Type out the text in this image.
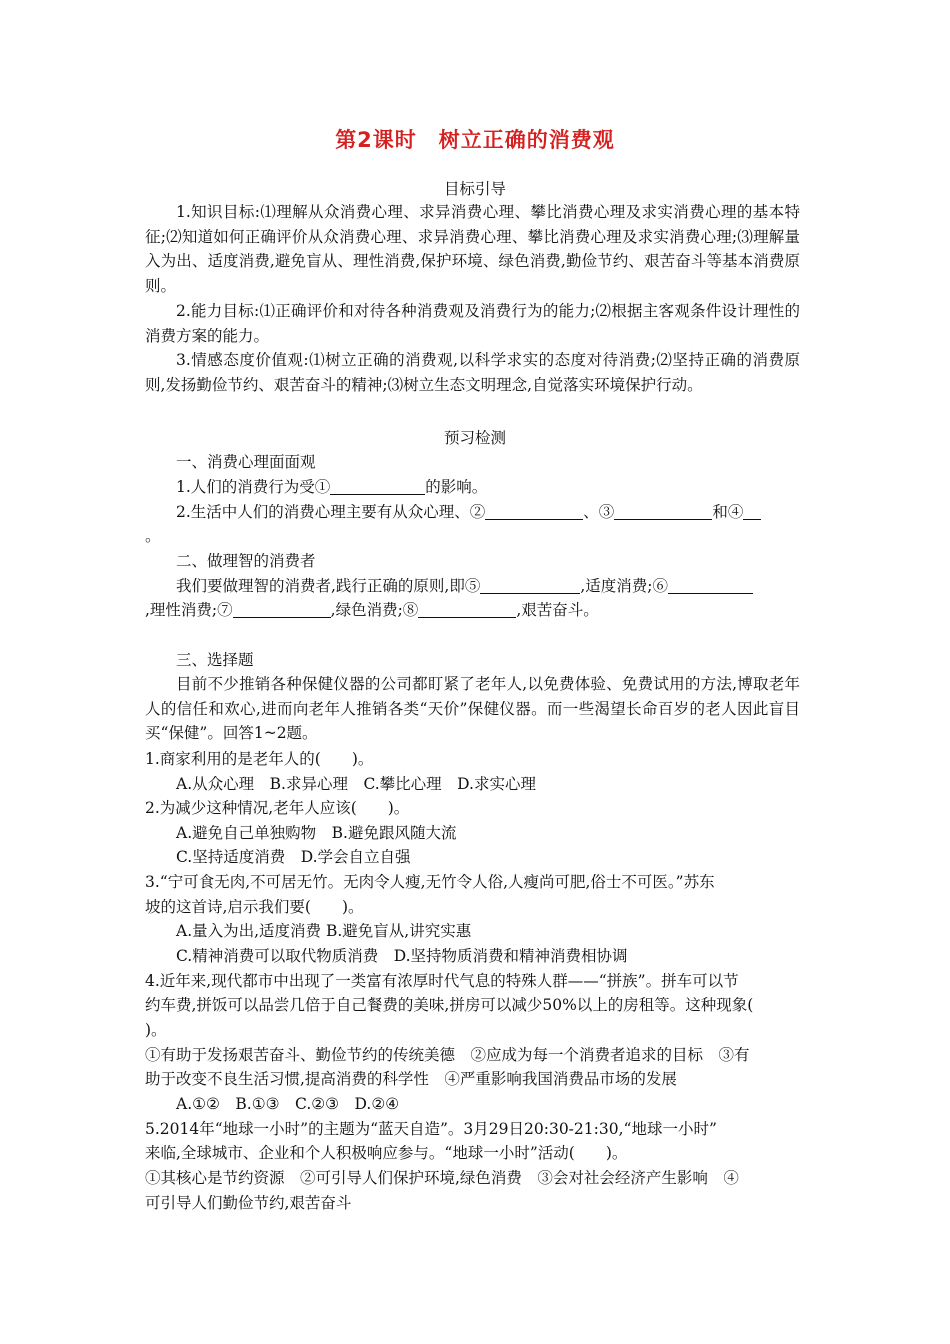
第2课时　树立正确的消费观
目标引导
1.知识目标:⑴理解从众消费心理、求异消费心理、攀比消费心理及求实消费心理的基本特征;⑵知道如何正确评价从众消费心理、求异消费心理、攀比消费心理及求实消费心理;⑶理解量入为出、适度消费,避免盲从、理性消费,保护环境、绿色消费,勤俭节约、艰苦奋斗等基本消费原则。
2.能力目标:⑴正确评价和对待各种消费观及消费行为的能力;⑵根据主客观条件设计理性的消费方案的能力。
3.情感态度价值观:⑴树立正确的消费观,以科学求实的态度对待消费;⑵坚持正确的消费原则,发扬勤俭节约、艰苦奋斗的精神;⑶树立生态文明理念,自觉落实环境保护行动。
预习检测
一、消费心理面面观
1.人们的消费行为受①	的影响。
2.生活中人们的消费心理主要有从众心理、②	、③	和④
。
二、做理智的消费者
我们要做理智的消费者,践行正确的原则,即⑤	,适度消费;⑥
,理性消费;⑦	,绿色消费;⑧	,艰苦奋斗。
三、选择题
目前不少推销各种保健仪器的公司都盯紧了老年人,以免费体验、免费试用的方法,博取老年人的信任和欢心,进而向老年人推销各类“天价”保健仪器。而一些渴望长命百岁的老人因此盲目买“保健”。回答1~2题。
1.商家利用的是老年人的(　　)。
A.从众心理　B.求异心理　C.攀比心理　D.求实心理
2.为减少这种情况,老年人应该(　　)。
A.避免自己单独购物　B.避免跟风随大流
C.坚持适度消费　D.学会自立自强
3.“宁可食无肉,不可居无竹。无肉令人瘦,无竹令人俗,人瘦尚可肥,俗士不可医。”苏东
坡的这首诗,启示我们要(　　)。
A.量入为出,适度消费 B.避免盲从,讲究实惠
C.精神消费可以取代物质消费　D.坚持物质消费和精神消费相协调
4.近年来,现代都市中出现了一类富有浓厚时代气息的特殊人群——“拼族”。拼车可以节
约车费,拼饭可以品尝几倍于自己餐费的美味,拼房可以减少50%以上的房租等。这种现象(
)。
①有助于发扬艰苦奋斗、勤俭节约的传统美德　②应成为每一个消费者追求的目标　③有
助于改变不良生活习惯,提高消费的科学性　④严重影响我国消费品市场的发展
A.①②　B.①③　C.②③　D.②④
5.2014年“地球一小时”的主题为“蓝天自造”。3月29日20:30-21:30,“地球一小时”
来临,全球城市、企业和个人积极响应参与。“地球一小时”活动(　　)。
①其核心是节约资源　②可引导人们保护环境,绿色消费　③会对社会经济产生影响　④
可引导人们勤俭节约,艰苦奋斗
